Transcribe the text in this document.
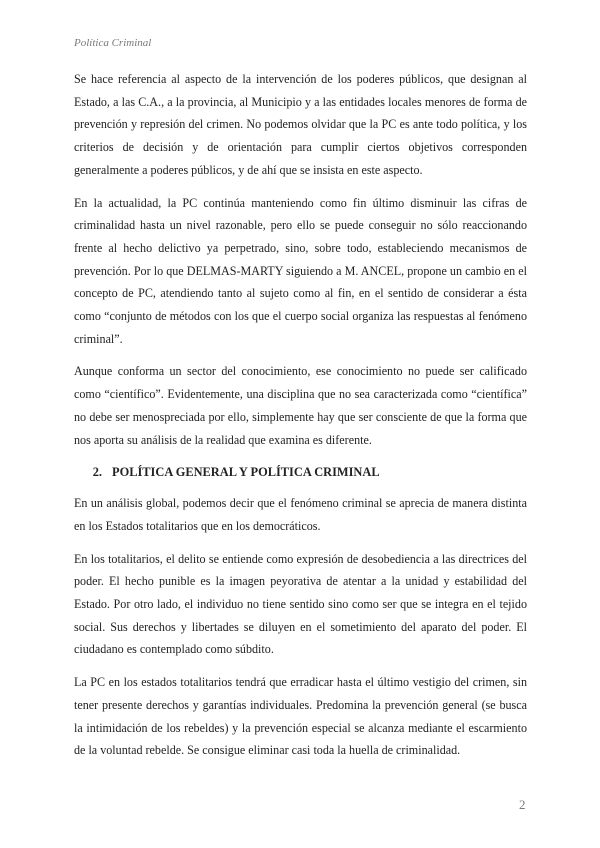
Política Criminal

Se hace referencia al aspecto de la intervención de los poderes públicos, que designan al Estado, a las C.A., a la provincia, al Municipio y a las entidades locales menores de forma de prevención y represión del crimen. No podemos olvidar que la PC es ante todo política, y los criterios de decisión y de orientación para cumplir ciertos objetivos corresponden generalmente a poderes públicos, y de ahí que se insista en este aspecto.

En la actualidad, la PC continúa manteniendo como fin último disminuir las cifras de criminalidad hasta un nivel razonable, pero ello se puede conseguir no sólo reaccionando frente al hecho delictivo ya perpetrado, sino, sobre todo, estableciendo mecanismos de prevención. Por lo que DELMAS-MARTY siguiendo a M. ANCEL, propone un cambio en el concepto de PC, atendiendo tanto al sujeto como al fin, en el sentido de considerar a ésta como “conjunto de métodos con los que el cuerpo social organiza las respuestas al fenómeno criminal”.

Aunque conforma un sector del conocimiento, ese conocimiento no puede ser calificado como “científico”. Evidentemente, una disciplina que no sea caracterizada como “científica” no debe ser menospreciada por ello, simplemente hay que ser consciente de que la forma que nos aporta su análisis de la realidad que examina es diferente.

2. POLÍTICA GENERAL Y POLÍTICA CRIMINAL

En un análisis global, podemos decir que el fenómeno criminal se aprecia de manera distinta en los Estados totalitarios que en los democráticos.

En los totalitarios, el delito se entiende como expresión de desobediencia a las directrices del poder. El hecho punible es la imagen peyorativa de atentar a la unidad y estabilidad del Estado. Por otro lado, el individuo no tiene sentido sino como ser que se integra en el tejido social. Sus derechos y libertades se diluyen en el sometimiento del aparato del poder. El ciudadano es contemplado como súbdito.

La PC en los estados totalitarios tendrá que erradicar hasta el último vestigio del crimen, sin tener presente derechos y garantías individuales. Predomina la prevención general (se busca la intimidación de los rebeldes) y la prevención especial se alcanza mediante el escarmiento de la voluntad rebelde. Se consigue eliminar casi toda la huella de criminalidad.

2
